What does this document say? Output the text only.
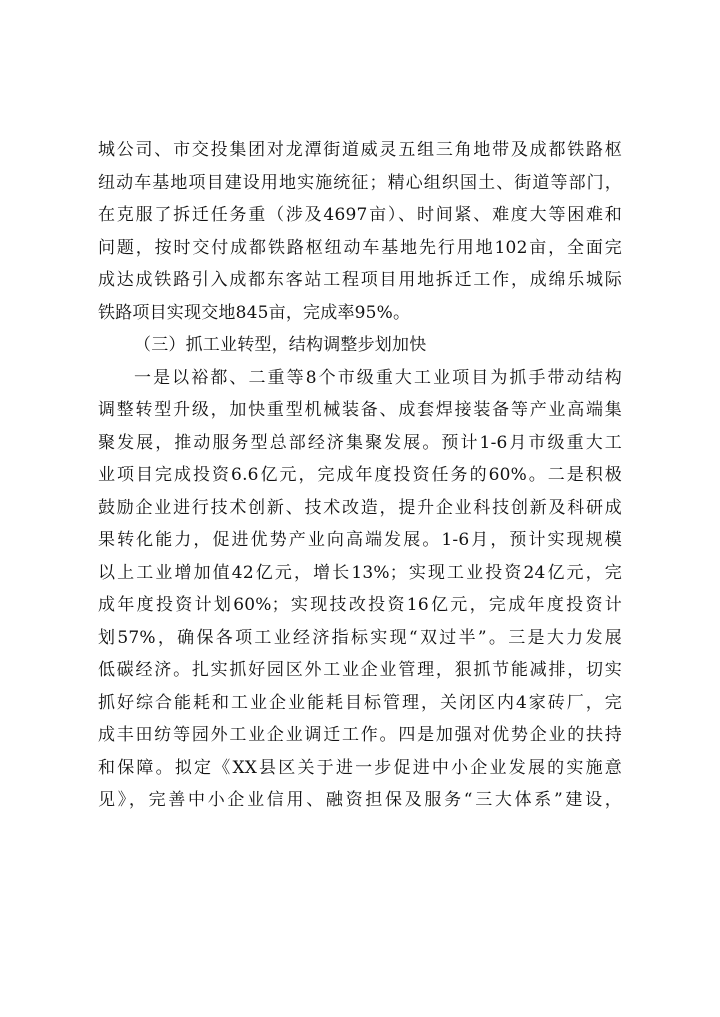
城公司、市交投集团对龙潭街道威灵五组三角地带及成都铁路枢
纽动车基地项目建设用地实施统征；精心组织国土、街道等部门，
在克服了拆迁任务重（涉及4697亩）、时间紧、难度大等困难和
问题，按时交付成都铁路枢纽动车基地先行用地102亩，全面完
成达成铁路引入成都东客站工程项目用地拆迁工作，成绵乐城际
铁路项目实现交地845亩，完成率95%。
（三）抓工业转型，结构调整步划加快
一是以裕都、二重等8个市级重大工业项目为抓手带动结构
调整转型升级，加快重型机械装备、成套焊接装备等产业高端集
聚发展，推动服务型总部经济集聚发展。预计1-6月市级重大工
业项目完成投资6.6亿元，完成年度投资任务的60%。二是积极
鼓励企业进行技术创新、技术改造，提升企业科技创新及科研成
果转化能力，促进优势产业向高端发展。1-6月，预计实现规模
以上工业增加值42亿元，增长13%；实现工业投资24亿元，完
成年度投资计划60%；实现技改投资16亿元，完成年度投资计
划57%，确保各项工业经济指标实现“双过半”。三是大力发展
低碳经济。扎实抓好园区外工业企业管理，狠抓节能减排，切实
抓好综合能耗和工业企业能耗目标管理，关闭区内4家砖厂，完
成丰田纺等园外工业企业调迁工作。四是加强对优势企业的扶持
和保障。拟定《XX县区关于进一步促进中小企业发展的实施意
见》，完善中小企业信用、融资担保及服务“三大体系”建设，
